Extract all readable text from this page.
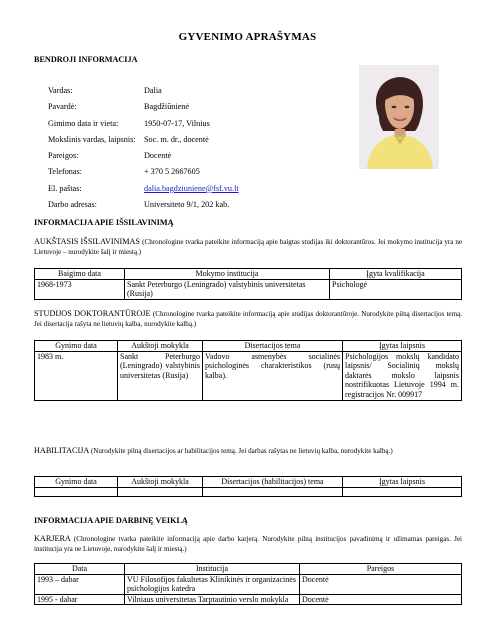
GYVENIMO APRAŠYMAS
BENDROJI INFORMACIJA
Vardas:	Dalia
Pavardė:	Bagdžiūnienė
Gimimo data ir vieta:	1950-07-17, Vilnius
Mokslinis vardas, laipsnis: Soc. m. dr., docentė
Pareigos:	Docentė
Telefonas:	+ 370 5 2667605
El. paštas:	dalia.bagdziuniene@fsf.vu.lt
Darbo adresas:	Universiteto 9/1, 202 kab.
INFORMACIJA APIE IŠSILAVINIMĄ
AUKŠTASIS IŠSILAVINIMAS (Chronologine tvarka pateikite informaciją apie baigtas studijas iki doktorantūros. Jei mokymo institucija yra ne Lietuvoje – nurodykite šalį ir miestą.)
Baigimo data	Mokymo institucija	Įgyta kvalifikacija
1968-1973	Sankt Peterburgo (Leningrado) valstybinis universitetas (Rusija)	Psichologė
STUDIJOS DOKTORANTŪROJE (Chronologine tvarka pateikite informaciją apie studijas doktorantūroje. Nurodykite pilną disertacijos temą. Jei disertacija rašyta ne lietuvių kalba, nurodykite kalbą.)
Gynimo data	Aukštoji mokykla	Disertacijos tema	Įgytas laipsnis
1983 m.	Sankt Peterburgo (Leningrado) valstybinis universitetas (Rusija)	Vadovo asmenybės socialinės psichologinės charakteristikos (rusų kalba).	Psichologijos mokslų kandidato laipsnis/ Socialinių mokslų daktarės mokslo laipsnis nostrifikuotas Lietuvoje 1994 m. registracijos Nr. 009917
HABILITACIJA (Nurodykite pilną disertacijos ar habilitacijos temą. Jei darbas rašytas ne lietuvių kalba, nurodykite kalbą.)
Gynimo data	Aukštoji mokykla	Disertacijos (habilitacijos) tema	Įgytas laipsnis

INFORMACIJA APIE DARBINĘ VEIKLĄ
KARJERA (Chronologine tvarka pateikite informaciją apie darbo karjerą. Nurodykite pilną institucijos pavadinimą ir užimamas pareigas. Jei institucija yra ne Lietuvoje, nurodykite šalį ir miestą.)
Data	Institucija	Pareigos
1993 – dabar	VU Filosofijos fakultetas Klinikinės ir organizacinės psichologijos katedra	Docentė
1995 - dabar	Vilniaus universitetas Tarptautinio verslo mokykla	Docentė
